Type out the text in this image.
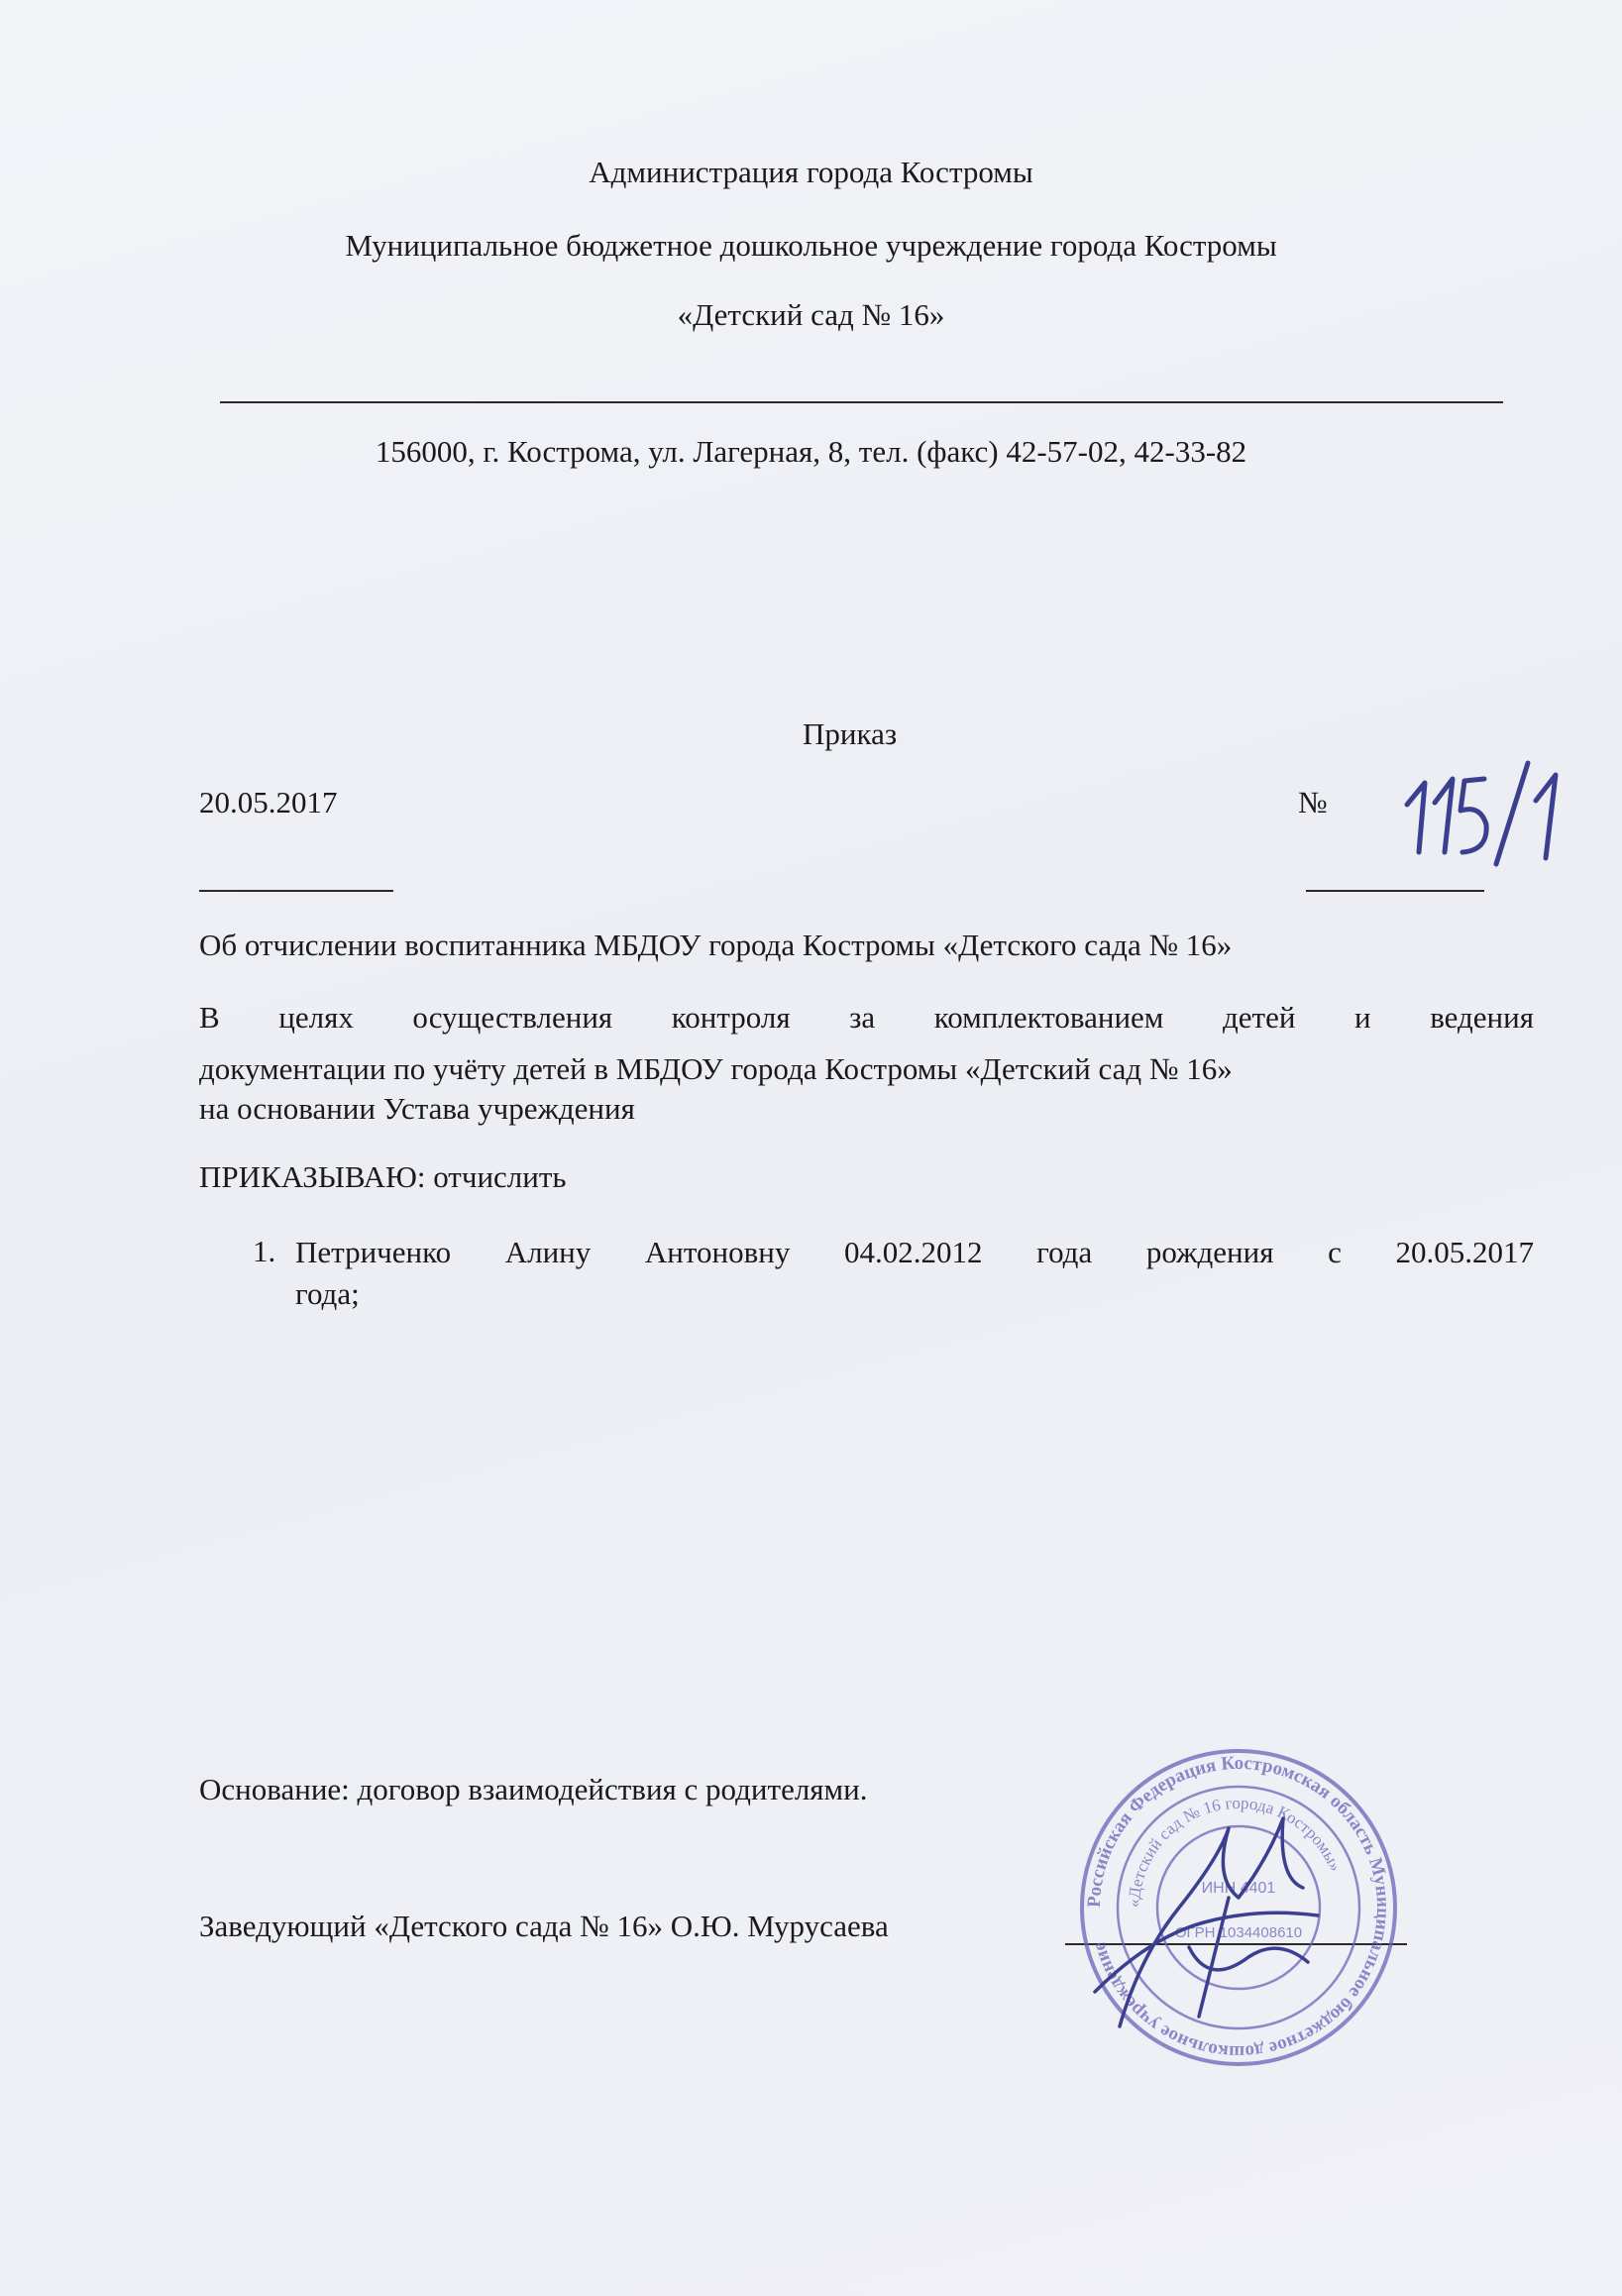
Администрация города Костромы
Муниципальное бюджетное дошкольное учреждение города Костромы
«Детский сад № 16»
156000, г. Кострома, ул. Лагерная, 8, тел. (факс) 42-57-02, 42-33-82
Приказ
20.05.2017	№
Об отчислении воспитанника МБДОУ города Костромы «Детского сада № 16»
В целях осуществления контроля за комплектованием детей и ведения
документации по учёту детей в МБДОУ города Костромы «Детский сад № 16»
на основании Устава учреждения
ПРИКАЗЫВАЮ: отчислить
1. Петриченко Алину Антоновну 04.02.2012 года рождения с 20.05.2017
года;
Основание: договор взаимодействия с родителями.
Заведующий «Детского сада № 16» О.Ю. Мурусаева
Российская Федерация Костромская область Муниципальное бюджетное дошкольное учреждение
«Детский сад № 16 города Костромы»
ИНН 4401
ОГРН 1034408610
